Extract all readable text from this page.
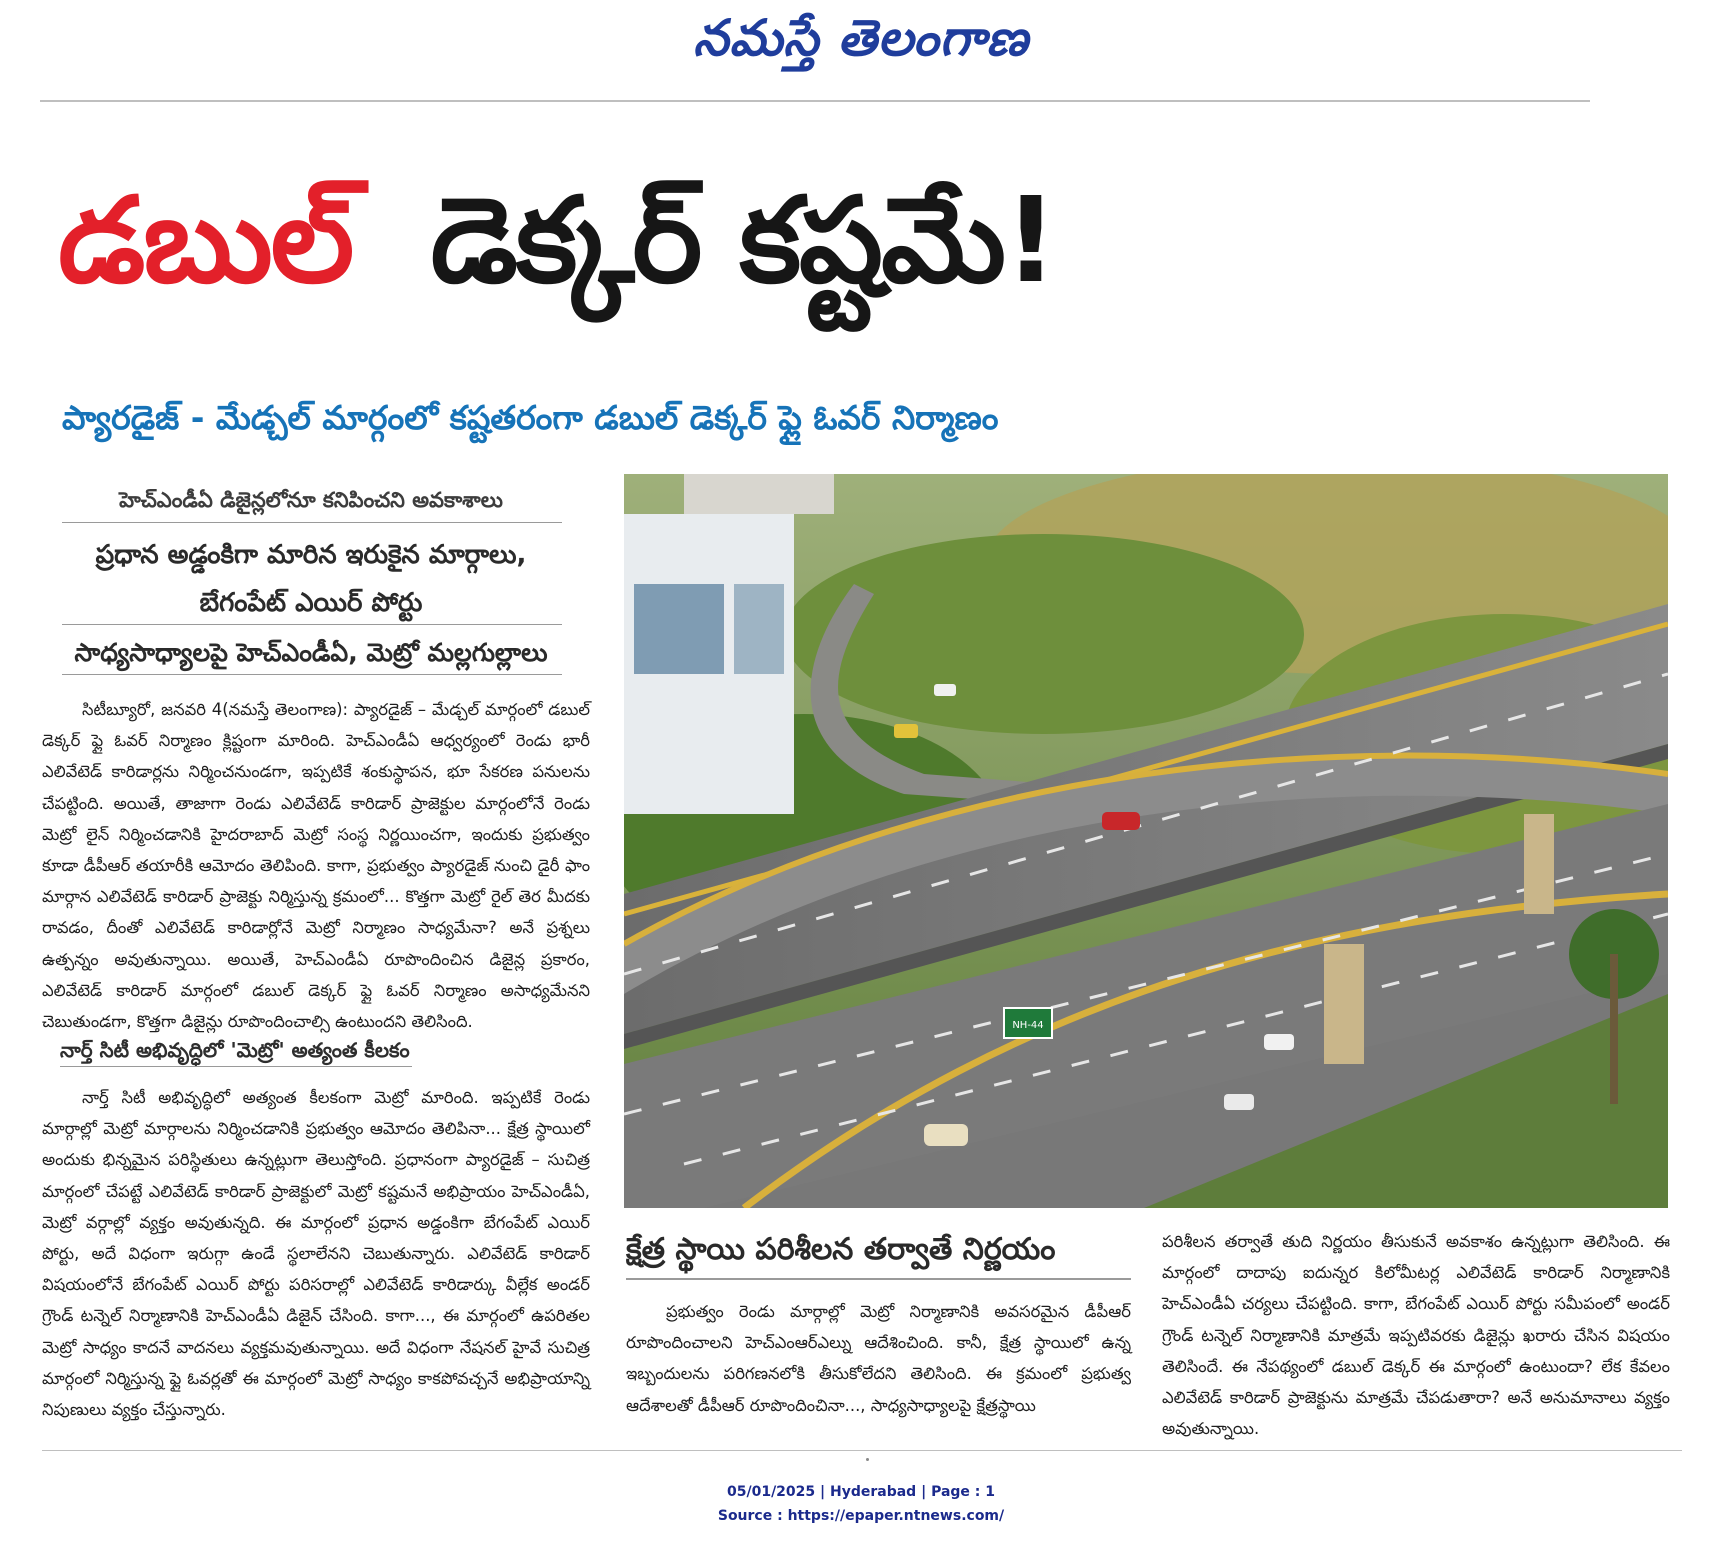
నమస్తే తెలంగాణ
డబుల్ డెక్కర్ కష్టమే!
ప్యారడైజ్ - మేడ్చల్ మార్గంలో కష్టతరంగా డబుల్ డెక్కర్ ఫ్లై ఓవర్ నిర్మాణం
హెచ్ఎండీఏ డిజైన్లలోనూ కనిపించని అవకాశాలు
ప్రధాన అడ్డంకిగా మారిన ఇరుకైన మార్గాలు,
బేగంపేట్ ఎయిర్ పోర్టు
సాధ్యసాధ్యాలపై హెచ్ఎండీఏ, మెట్రో మల్లగుల్లాలు

సిటీబ్యూరో, జనవరి 4(నమస్తే తెలంగాణ): ప్యారడైజ్ – మేడ్చల్ మార్గంలో డబుల్ డెక్కర్ ఫ్లై ఓవర్ నిర్మాణం క్లిష్టంగా మారింది. హెచ్ఎండీఏ ఆధ్వర్యంలో రెండు భారీ ఎలివేటెడ్ కారిడార్లను నిర్మించనుండగా, ఇప్పటికే శంకుస్థాపన, భూ సేకరణ పనులను చేపట్టింది. అయితే, తాజాగా రెండు ఎలివేటెడ్ కారిడార్ ప్రాజెక్టుల మార్గంలోనే రెండు మెట్రో లైన్ నిర్మించడానికి హైదరాబాద్ మెట్రో సంస్థ నిర్ణయించగా, ఇందుకు ప్రభుత్వం కూడా డీపీఆర్ తయారీకి ఆమోదం తెలిపింది. కాగా, ప్రభుత్వం ప్యారడైజ్ నుంచి డైరీ ఫాం మార్గాన ఎలివేటెడ్ కారిడార్ ప్రాజెక్టు నిర్మిస్తున్న క్రమంలో... కొత్తగా మెట్రో రైల్ తెర మీదకు రావడం, దీంతో ఎలివేటెడ్ కారిడార్లోనే మెట్రో నిర్మాణం సాధ్యమేనా? అనే ప్రశ్నలు ఉత్పన్నం అవుతున్నాయి. అయితే, హెచ్ఎండీఏ రూపొందించిన డిజైన్ల ప్రకారం, ఎలివేటెడ్ కారిడార్ మార్గంలో డబుల్ డెక్కర్ ఫ్లై ఓవర్ నిర్మాణం అసాధ్యమేనని చెబుతుండగా, కొత్తగా డిజైన్లు రూపొందించాల్సి ఉంటుందని తెలిసింది.

నార్త్ సిటీ అభివృద్ధిలో 'మెట్రో' అత్యంత కీలకం

నార్త్ సిటీ అభివృద్ధిలో అత్యంత కీలకంగా మెట్రో మారింది. ఇప్పటికే రెండు మార్గాల్లో మెట్రో మార్గాలను నిర్మించడానికి ప్రభుత్వం ఆమోదం తెలిపినా... క్షేత్ర స్థాయిలో అందుకు భిన్నమైన పరిస్థితులు ఉన్నట్లుగా తెలుస్తోంది. ప్రధానంగా ప్యారడైజ్ – సుచిత్ర మార్గంలో చేపట్టే ఎలివేటెడ్ కారిడార్ ప్రాజెక్టులో మెట్రో కష్టమనే అభిప్రాయం హెచ్ఎండీఏ, మెట్రో వర్గాల్లో వ్యక్తం అవుతున్నది. ఈ మార్గంలో ప్రధాన అడ్డంకిగా బేగంపేట్ ఎయిర్ పోర్టు, అదే విధంగా ఇరుగ్గా ఉండే స్థలాలేనని చెబుతున్నారు. ఎలివేటెడ్ కారిడార్ విషయంలోనే బేగంపేట్ ఎయిర్ పోర్టు పరిసరాల్లో ఎలివేటెడ్ కారిడార్కు వీల్లేక అండర్ గ్రౌండ్ టన్నెల్ నిర్మాణానికి హెచ్ఎండీఏ డిజైన్ చేసింది. కాగా..., ఈ మార్గంలో ఉపరితల మెట్రో సాధ్యం కాదనే వాదనలు వ్యక్తమవుతున్నాయి. అదే విధంగా నేషనల్ హైవే సుచిత్ర మార్గంలో నిర్మిస్తున్న ఫ్లై ఓవర్లతో ఈ మార్గంలో మెట్రో సాధ్యం కాకపోవచ్చనే అభిప్రాయాన్ని నిపుణులు వ్యక్తం చేస్తున్నారు.

NH-44
క్షేత్ర స్థాయి పరిశీలన తర్వాతే నిర్ణయం

ప్రభుత్వం రెండు మార్గాల్లో మెట్రో నిర్మాణానికి అవసరమైన డీపీఆర్ రూపొందించాలని హెచ్ఎంఆర్ఎల్ను ఆదేశించింది. కానీ, క్షేత్ర స్థాయిలో ఉన్న ఇబ్బందులను పరిగణనలోకి తీసుకోలేదని తెలిసింది. ఈ క్రమంలో ప్రభుత్వ ఆదేశాలతో డీపీఆర్ రూపొందించినా..., సాధ్యసాధ్యాలపై క్షేత్రస్థాయి

పరిశీలన తర్వాతే తుది నిర్ణయం తీసుకునే అవకాశం ఉన్నట్లుగా తెలిసింది. ఈ మార్గంలో దాదాపు ఐదున్నర కిలోమీటర్ల ఎలివేటెడ్ కారిడార్ నిర్మాణానికి హెచ్ఎండీఏ చర్యలు చేపట్టింది. కాగా, బేగంపేట్ ఎయిర్ పోర్టు సమీపంలో అండర్ గ్రౌండ్ టన్నెల్ నిర్మాణానికి మాత్రమే ఇప్పటివరకు డిజైన్లు ఖరారు చేసిన విషయం తెలిసిందే. ఈ నేపథ్యంలో డబుల్ డెక్కర్ ఈ మార్గంలో ఉంటుందా? లేక కేవలం ఎలివేటెడ్ కారిడార్ ప్రాజెక్టును మాత్రమే చేపడుతారా? అనే అనుమానాలు వ్యక్తం అవుతున్నాయి.

05/01/2025 | Hyderabad | Page : 1
Source : https://epaper.ntnews.com/
